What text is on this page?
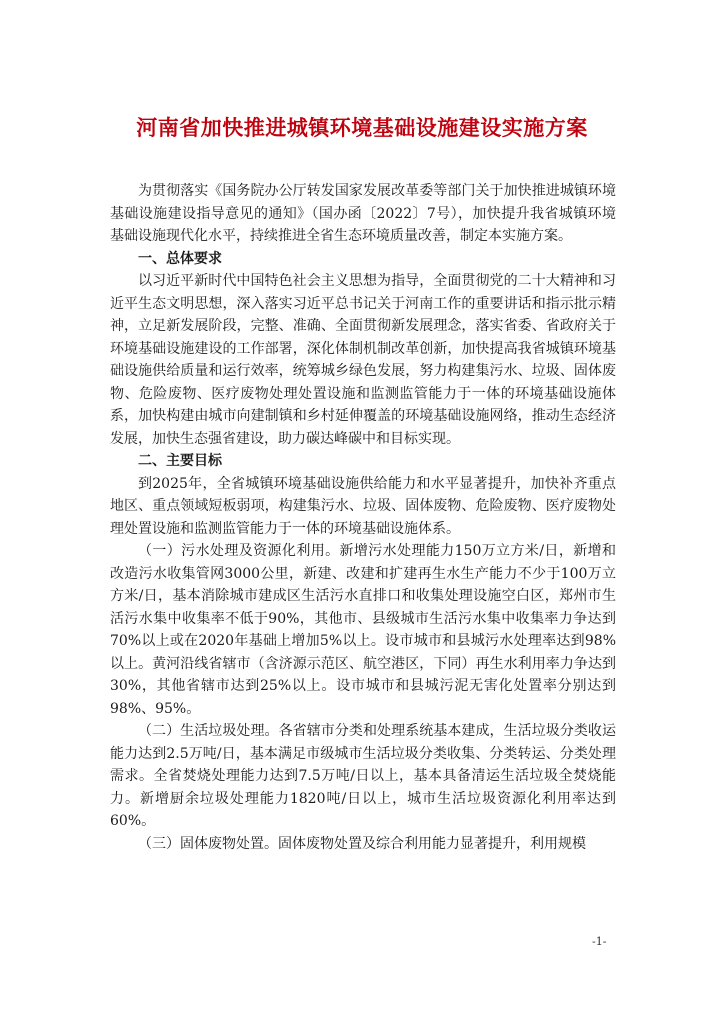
河南省加快推进城镇环境基础设施建设实施方案

为贯彻落实《国务院办公厅转发国家发展改革委等部门关于加快推进城镇环境基础设施建设指导意见的通知》（国办函〔2022〕7号），加快提升我省城镇环境基础设施现代化水平，持续推进全省生态环境质量改善，制定本实施方案。

一、总体要求

以习近平新时代中国特色社会主义思想为指导，全面贯彻党的二十大精神和习近平生态文明思想，深入落实习近平总书记关于河南工作的重要讲话和指示批示精神，立足新发展阶段，完整、准确、全面贯彻新发展理念，落实省委、省政府关于环境基础设施建设的工作部署，深化体制机制改革创新，加快提高我省城镇环境基础设施供给质量和运行效率，统筹城乡绿色发展，努力构建集污水、垃圾、固体废物、危险废物、医疗废物处理处置设施和监测监管能力于一体的环境基础设施体系，加快构建由城市向建制镇和乡村延伸覆盖的环境基础设施网络，推动生态经济发展，加快生态强省建设，助力碳达峰碳中和目标实现。

二、主要目标

到2025年，全省城镇环境基础设施供给能力和水平显著提升，加快补齐重点地区、重点领域短板弱项，构建集污水、垃圾、固体废物、危险废物、医疗废物处理处置设施和监测监管能力于一体的环境基础设施体系。

（一）污水处理及资源化利用。新增污水处理能力150万立方米/日，新增和改造污水收集管网3000公里，新建、改建和扩建再生水生产能力不少于100万立方米/日，基本消除城市建成区生活污水直排口和收集处理设施空白区，郑州市生活污水集中收集率不低于90%，其他市、县级城市生活污水集中收集率力争达到70%以上或在2020年基础上增加5%以上。设市城市和县城污水处理率达到98%以上。黄河沿线省辖市（含济源示范区、航空港区，下同）再生水利用率力争达到30%，其他省辖市达到25%以上。设市城市和县城污泥无害化处置率分别达到98%、95%。

（二）生活垃圾处理。各省辖市分类和处理系统基本建成，生活垃圾分类收运能力达到2.5万吨/日，基本满足市级城市生活垃圾分类收集、分类转运、分类处理需求。全省焚烧处理能力达到7.5万吨/日以上，基本具备清运生活垃圾全焚烧能力。新增厨余垃圾处理能力1820吨/日以上，城市生活垃圾资源化利用率达到60%。

（三）固体废物处置。固体废物处置及综合利用能力显著提升，利用规模

-1-
